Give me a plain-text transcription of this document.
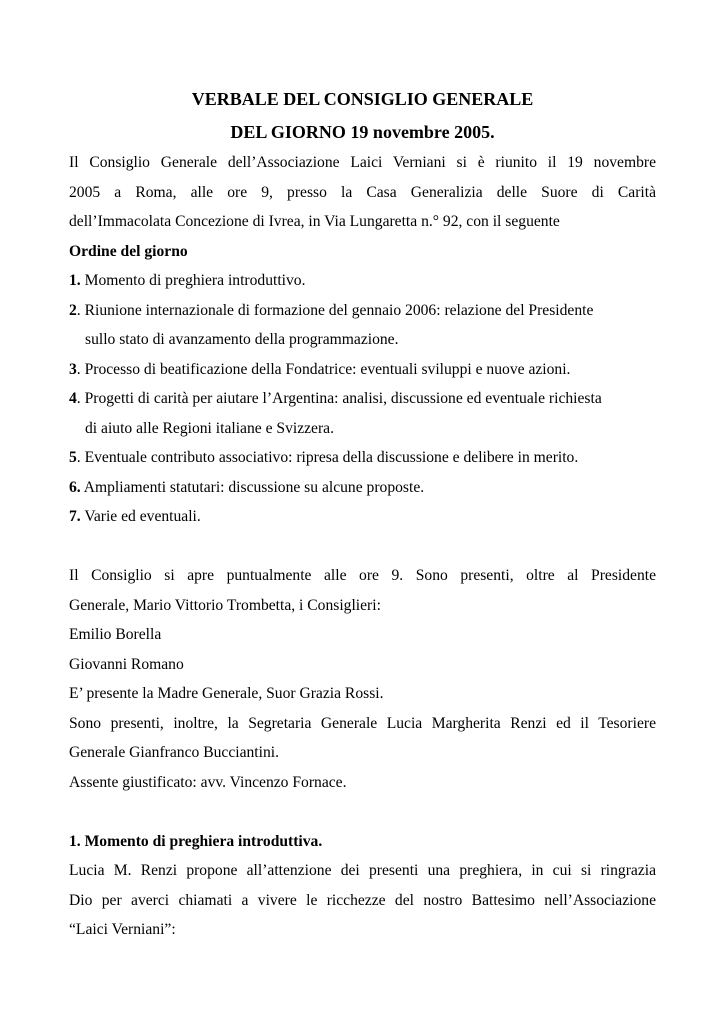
VERBALE DEL CONSIGLIO GENERALE
DEL GIORNO 19 novembre 2005.
Il Consiglio Generale dell’Associazione Laici Verniani si è riunito il 19 novembre
2005 a Roma, alle ore 9, presso la Casa Generalizia delle Suore di Carità
dell’Immacolata Concezione di Ivrea, in Via Lungaretta n.° 92, con il seguente
Ordine del giorno
1. Momento di preghiera introduttivo.
2. Riunione internazionale di formazione del gennaio 2006: relazione del Presidente
sullo stato di avanzamento della programmazione.
3. Processo di beatificazione della Fondatrice: eventuali sviluppi e nuove azioni.
4. Progetti di carità per aiutare l’Argentina: analisi, discussione ed eventuale richiesta
di aiuto alle Regioni italiane e Svizzera.
5. Eventuale contributo associativo: ripresa della discussione e delibere in merito.
6. Ampliamenti statutari: discussione su alcune proposte.
7. Varie ed eventuali.
Il Consiglio si apre puntualmente alle ore 9. Sono presenti, oltre al Presidente
Generale, Mario Vittorio Trombetta, i Consiglieri:
Emilio Borella
Giovanni Romano
E’ presente la Madre Generale, Suor Grazia Rossi.
Sono presenti, inoltre, la Segretaria Generale Lucia Margherita Renzi ed il Tesoriere
Generale Gianfranco Bucciantini.
Assente giustificato: avv. Vincenzo Fornace.
1. Momento di preghiera introduttiva.
Lucia M. Renzi propone all’attenzione dei presenti una preghiera, in cui si ringrazia
Dio per averci chiamati a vivere le ricchezze del nostro Battesimo nell’Associazione
“Laici Verniani”:
